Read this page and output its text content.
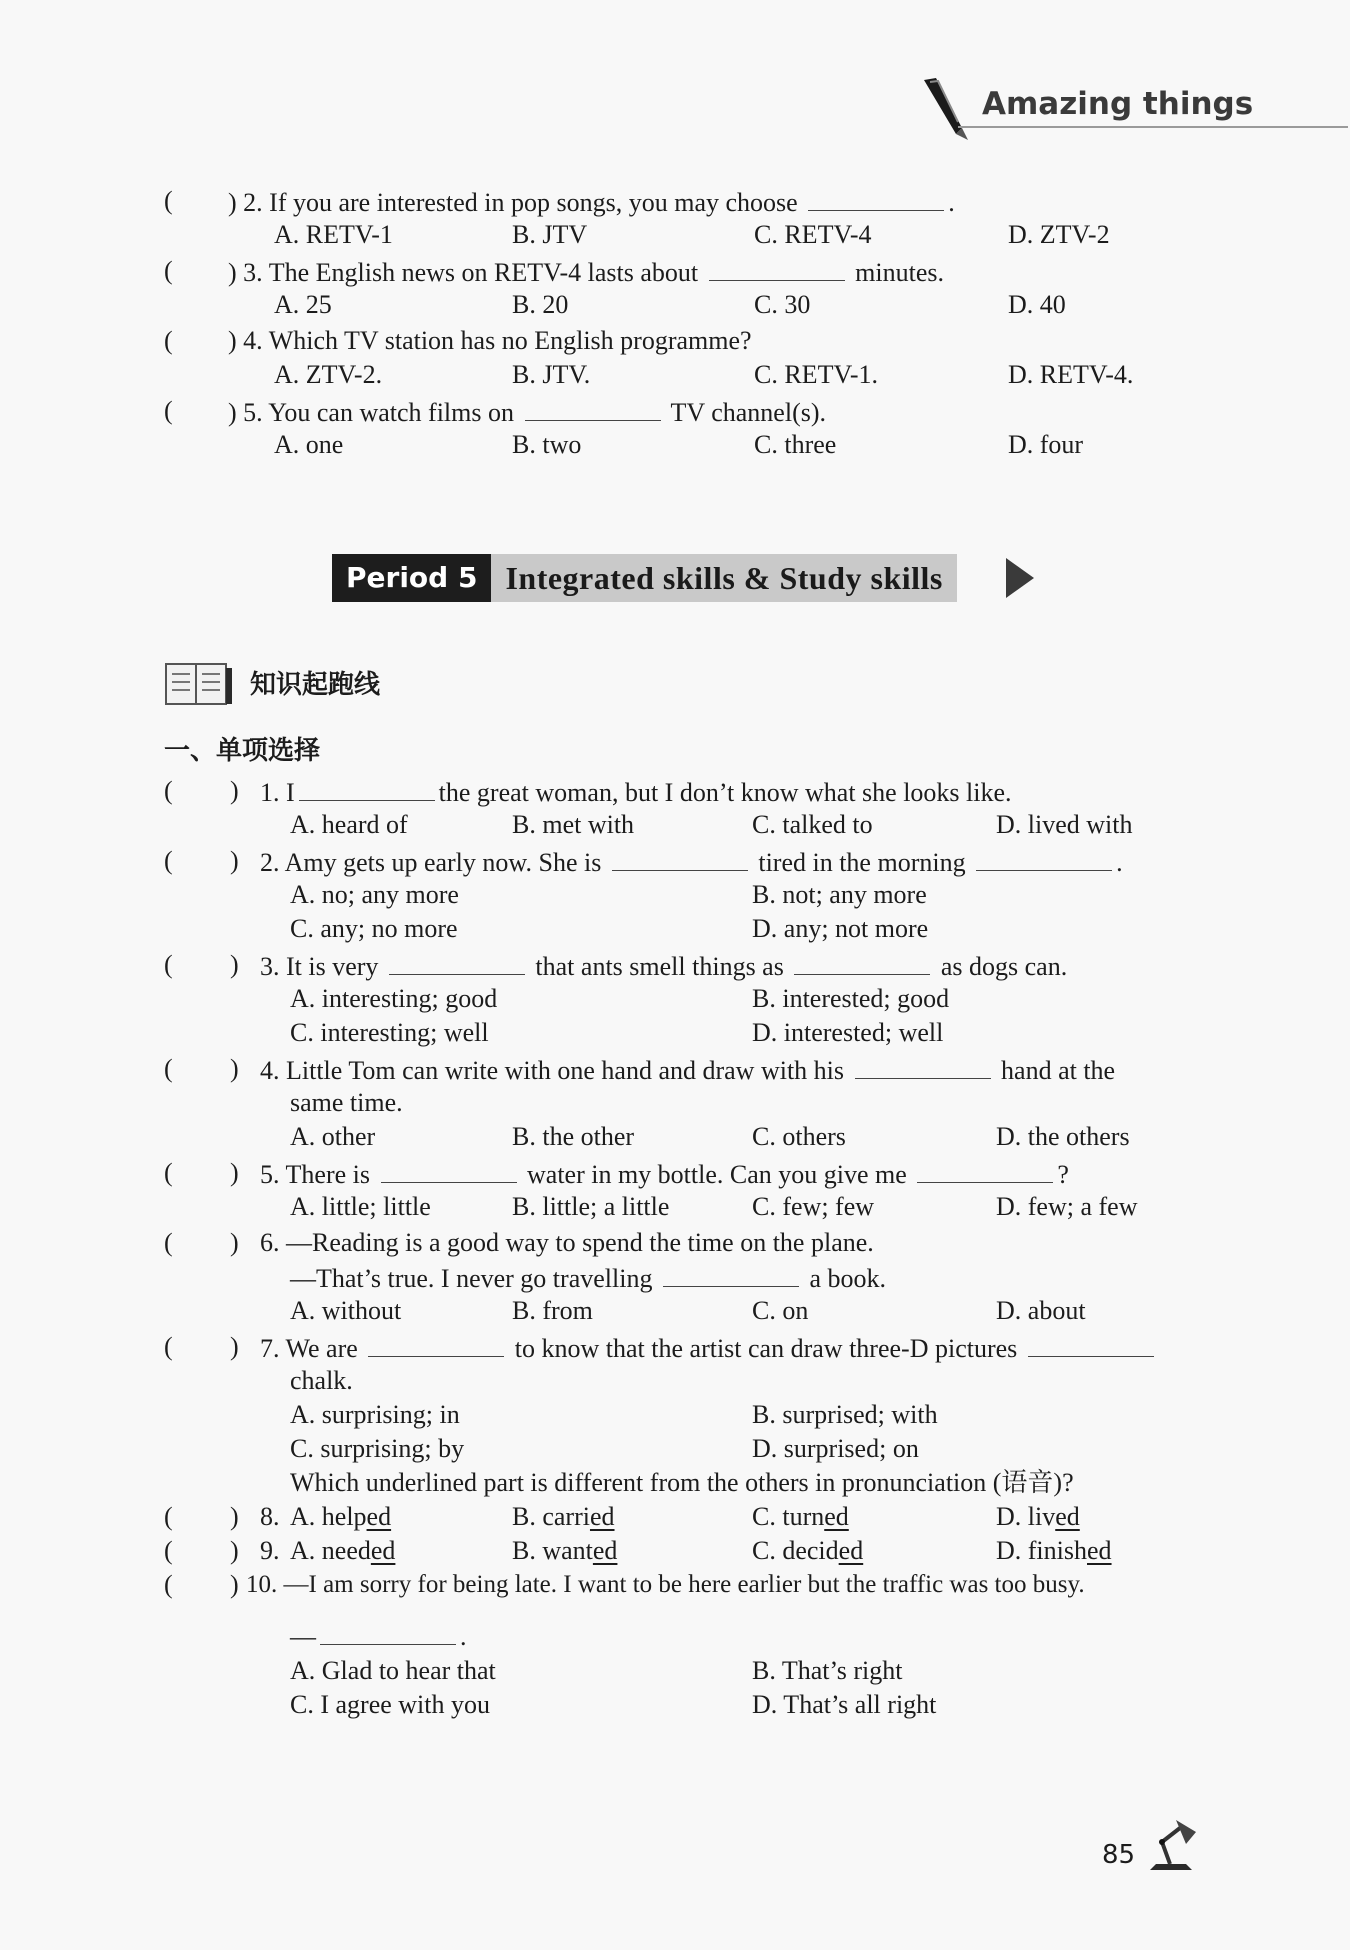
Amazing things
( ) 2. If you are interested in pop songs, you may choose	.
A. RETV-1	B. JTV	C. RETV-4	D. ZTV-2
( ) 3. The English news on RETV-4 lasts about	minutes.
A. 25	B. 20	C. 30	D. 40
( ) 4. Which TV station has no English programme?
A. ZTV-2.	B. JTV.	C. RETV-1.	D. RETV-4.
( ) 5. You can watch films on	TV channel(s).
A. one	B. two	C. three	D. four
Period 5 Integrated skills & Study skills
知识起跑线
一、单项选择
( ) 1. I	the great woman, but I don’t know what she looks like.
A. heard of	B. met with	C. talked to	D. lived with
( ) 2. Amy gets up early now. She is	tired in the morning	.
A. no; any more	B. not; any more
C. any; no more	D. any; not more
( ) 3. It is very	that ants smell things as	as dogs can.
A. interesting; good	B. interested; good
C. interesting; well	D. interested; well
( ) 4. Little Tom can write with one hand and draw with his	hand at the
same time.
A. other	B. the other	C. others	D. the others
( ) 5. There is	water in my bottle. Can you give me	?
A. little; little	B. little; a little	C. few; few	D. few; a few
( ) 6. —Reading is a good way to spend the time on the plane.
—That’s true. I never go travelling	a book.
A. without	B. from	C. on	D. about
( ) 7. We are	to know that the artist can draw three-D pictures
chalk.
A. surprising; in	B. surprised; with
C. surprising; by	D. surprised; on
Which underlined part is different from the others in pronunciation (语音)?
( ) 8. A. helped	B. carried	C. turned	D. lived
( ) 9. A. needed	B. wanted	C. decided	D. finished
( ) 10. —I am sorry for being late. I want to be here earlier but the traffic was too busy.
—	.
A. Glad to hear that	B. That’s right
C. I agree with you	D. That’s all right
85
